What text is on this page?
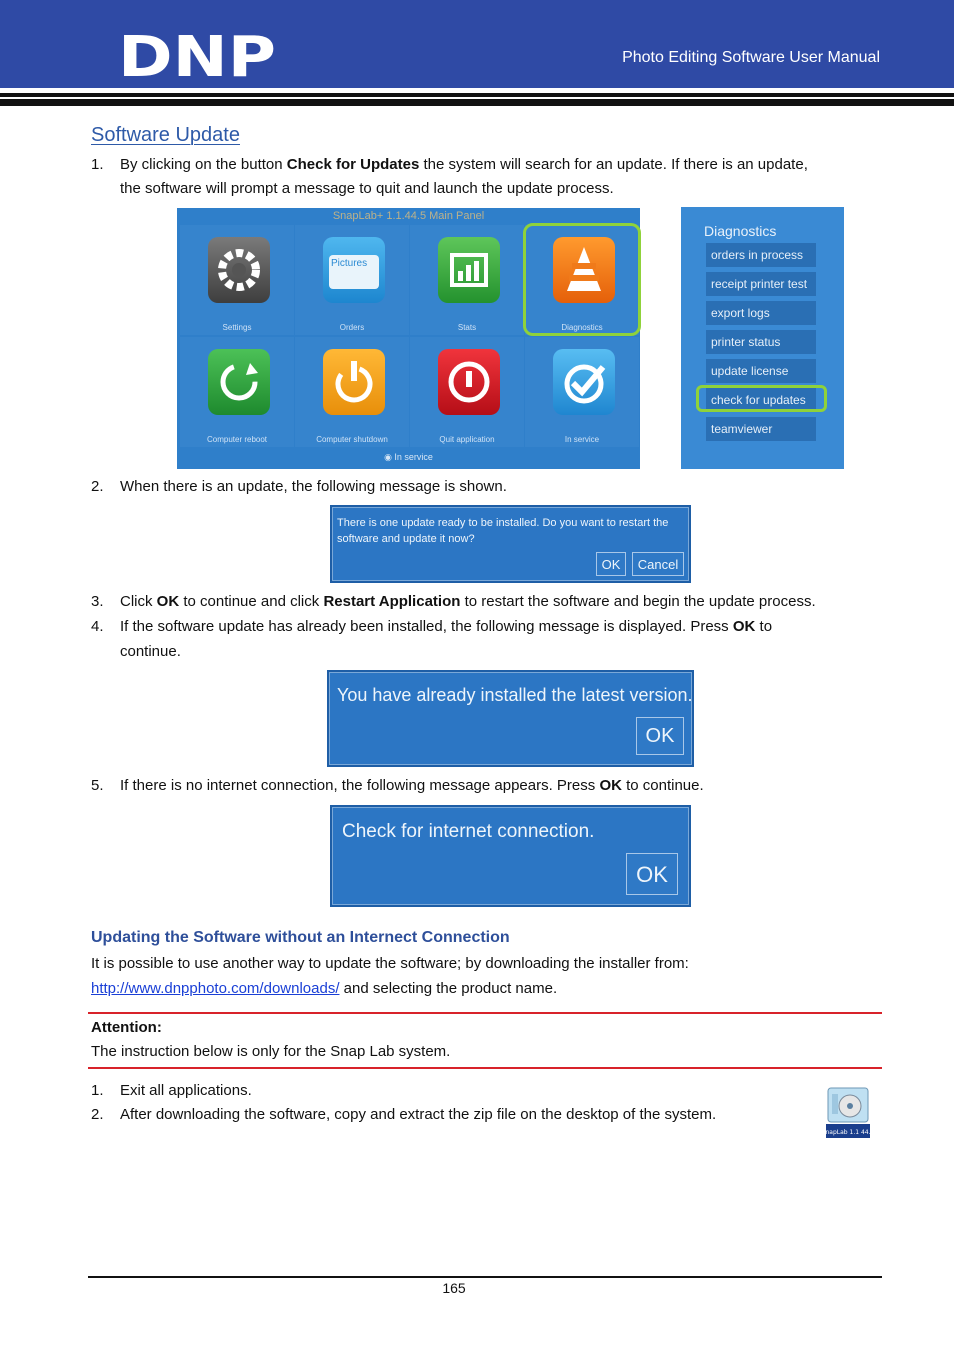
DNP	Photo Editing Software User Manual
Software Update
1. By clicking on the button Check for Updates the system will search for an update. If there is an update,
the software will prompt a message to quit and launch the update process.
SnapLab+ 1.1.44.5 Main Panel
Settings
Pictures
Orders	Stats	Diagnostics
Computer reboot	Computer shutdown	Quit application	In service
◉ In service
Diagnostics
orders in process
receipt printer test
export logs
printer status
update license
check for updates
teamviewer
2. When there is an update, the following message is shown.
There is one update ready to be installed. Do you want to restart the
software and update it now?
OK	Cancel
3. Click OK to continue and click Restart Application to restart the software and begin the update process.
4. If the software update has already been installed, the following message is displayed. Press OK to
continue.
You have already installed the latest version.
OK
5. If there is no internet connection, the following message appears. Press OK to continue.
Check for internet connection.
OK
Updating the Software without an Internect Connection
It is possible to use another way to update the software; by downloading the installer from:
http://www.dnpphoto.com/downloads/ and selecting the product name.
Attention:
The instruction below is only for the Snap Lab system.
1. Exit all applications.
2. After downloading the software, copy and extract the zip file on the desktop of the system.
SnapLab 1.1 44.5
165
